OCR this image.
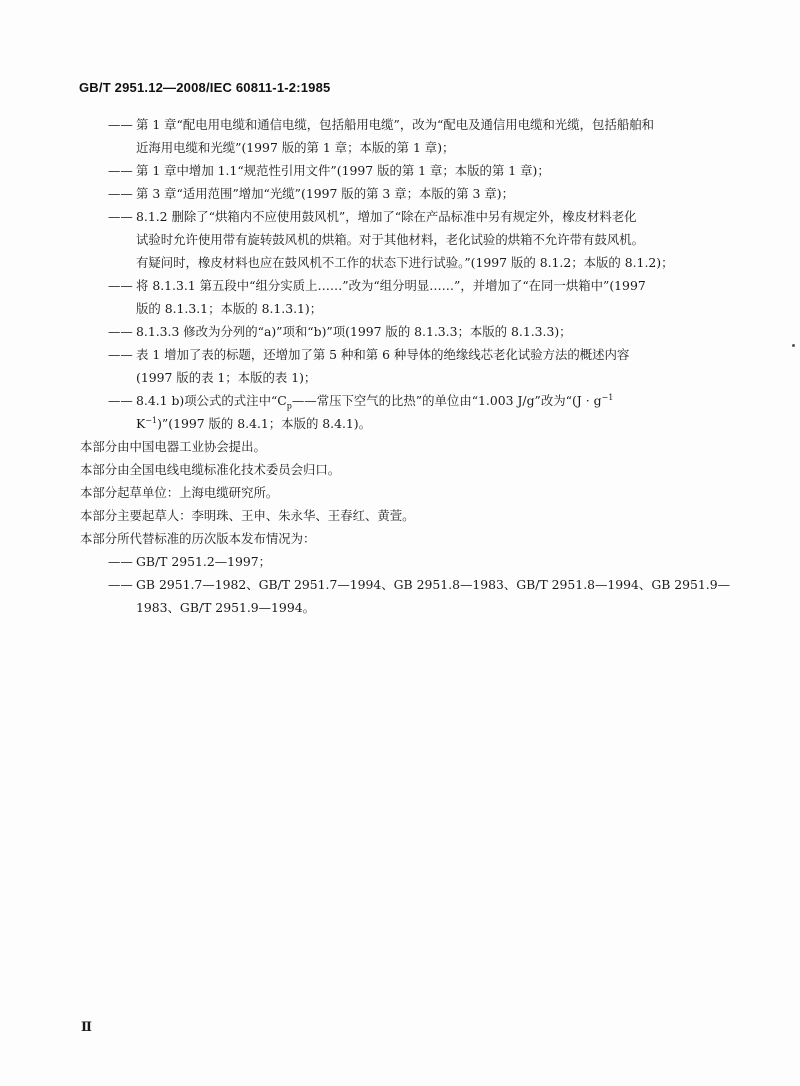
GB/T 2951.12—2008/IEC 60811-1-2:1985
—— 第 1 章“配电用电缆和通信电缆，包括船用电缆”，改为“配电及通信用电缆和光缆，包括船舶和
近海用电缆和光缆”(1997 版的第 1 章；本版的第 1 章)；
—— 第 1 章中增加 1.1“规范性引用文件”(1997 版的第 1 章；本版的第 1 章)；
—— 第 3 章“适用范围”增加“光缆”(1997 版的第 3 章；本版的第 3 章)；
—— 8.1.2 删除了“烘箱内不应使用鼓风机”，增加了“除在产品标准中另有规定外，橡皮材料老化
试验时允许使用带有旋转鼓风机的烘箱。对于其他材料，老化试验的烘箱不允许带有鼓风机。
有疑问时，橡皮材料也应在鼓风机不工作的状态下进行试验。”(1997 版的 8.1.2；本版的 8.1.2)；
—— 将 8.1.3.1 第五段中“组分实质上……”改为“组分明显……”，并增加了“在同一烘箱中”(1997
版的 8.1.3.1；本版的 8.1.3.1)；
—— 8.1.3.3 修改为分列的“a)”项和“b)”项(1997 版的 8.1.3.3；本版的 8.1.3.3)；
—— 表 1 增加了表的标题，还增加了第 5 种和第 6 种导体的绝缘线芯老化试验方法的概述内容
(1997 版的表 1；本版的表 1)；
—— 8.4.1 b)项公式的式注中“$C_p——$常压下空气的比热”的单位由“1.003 J/g”改为“($J \cdot g^{-1}$
$K^{-1})”(1997$ 版的 8.4.1；本版的 8.4.1)。

本部分由中国电器工业协会提出。

本部分由全国电线电缆标准化技术委员会归口。

本部分起草单位：上海电缆研究所。

本部分主要起草人：李明珠、王申、朱永华、王春红、黄萱。

本部分所代替标准的历次版本发布情况为：

—— GB/T 2951.2—1997；
—— GB 2951.7—1982、GB/T 2951.7—1994、GB 2951.8—1983、GB/T 2951.8—1994、GB 2951.9—
1983、GB/T 2951.9—1994。
Ⅱ
